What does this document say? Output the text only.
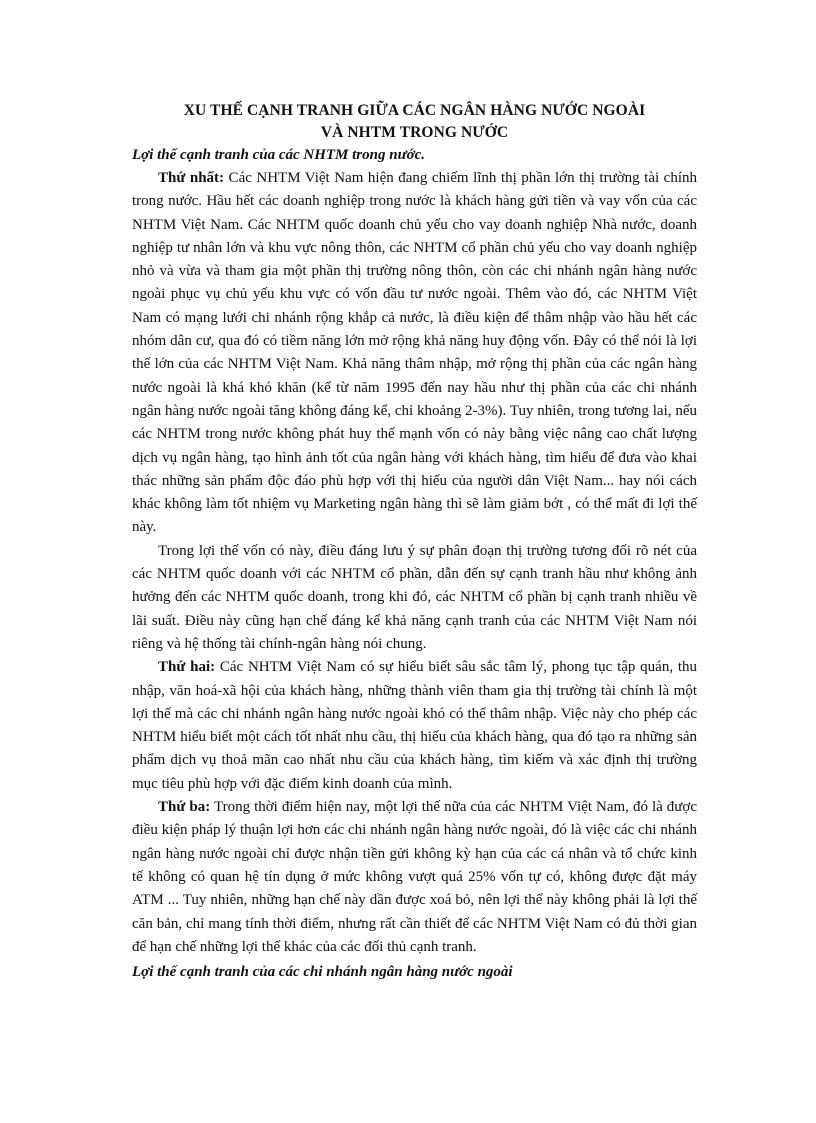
XU THẾ CẠNH TRANH GIỮA CÁC NGÂN HÀNG NƯỚC NGOÀI
VÀ NHTM TRONG NƯỚC

Lợi thế cạnh tranh của các NHTM trong nước.

Thứ nhất: Các NHTM Việt Nam hiện đang chiếm lĩnh thị phần lớn thị trường tài chính trong nước. Hầu hết các doanh nghiệp trong nước là khách hàng gửi tiền và vay vốn của các NHTM Việt Nam. Các NHTM quốc doanh chủ yếu cho vay doanh nghiệp Nhà nước, doanh nghiệp tư nhân lớn và khu vực nông thôn, các NHTM cổ phần chủ yếu cho vay doanh nghiệp nhỏ và vừa và tham gia một phần thị trường nông thôn, còn các chi nhánh ngân hàng nước ngoài phục vụ chủ yếu khu vực có vốn đầu tư nước ngoài. Thêm vào đó, các NHTM Việt Nam có mạng lưới chi nhánh rộng khắp cả nước, là điều kiện để thâm nhập vào hầu hết các nhóm dân cư, qua đó có tiềm năng lớn mở rộng khả năng huy động vốn. Đây có thể nói là lợi thế lớn của các NHTM Việt Nam. Khả năng thâm nhập, mở rộng thị phần của các ngân hàng nước ngoài là khá khó khăn (kể từ năm 1995 đến nay hầu như thị phần của các chi nhánh ngân hàng nước ngoài tăng không đáng kể, chỉ khoảng 2-3%). Tuy nhiên, trong tương lai, nếu các NHTM trong nước không phát huy thế mạnh vốn có này bằng việc nâng cao chất lượng dịch vụ ngân hàng, tạo hình ảnh tốt của ngân hàng với khách hàng, tìm hiểu để đưa vào khai thác những sản phẩm độc đáo phù hợp với thị hiếu của người dân Việt Nam... hay nói cách khác không làm tốt nhiệm vụ Marketing ngân hàng thì sẽ làm giảm bớt , có thể mất đi lợi thế này.

Trong lợi thế vốn có này, điều đáng lưu ý sự phân đoạn thị trường tương đối rõ nét của các NHTM quốc doanh với các NHTM cổ phần, dẫn đến sự cạnh tranh hầu như không ảnh hưởng đến các NHTM quốc doanh, trong khi đó, các NHTM cổ phần bị cạnh tranh nhiều về lãi suất. Điều này cũng hạn chế đáng kể khả năng cạnh tranh của các NHTM Việt Nam nói riêng và hệ thống tài chính-ngân hàng nói chung.

Thứ hai: Các NHTM Việt Nam có sự hiểu biết sâu sắc tâm lý, phong tục tập quán, thu nhập, văn hoá-xã hội của khách hàng, những thành viên tham gia thị trường tài chính là một lợi thế mà các chi nhánh ngân hàng nước ngoài khó có thể thâm nhập. Việc này cho phép các NHTM hiểu biết một cách tốt nhất nhu cầu, thị hiếu của khách hàng, qua đó tạo ra những sản phẩm dịch vụ thoả mãn cao nhất nhu cầu của khách hàng, tìm kiếm và xác định thị trường mục tiêu phù hợp với đặc điểm kinh doanh của mình.

Thứ ba: Trong thời điểm hiện nay, một lợi thế nữa của các NHTM Việt Nam, đó là được điều kiện pháp lý thuận lợi hơn các chi nhánh ngân hàng nước ngoài, đó là việc các chi nhánh ngân hàng nước ngoài chỉ được nhận tiền gửi không kỳ hạn của các cá nhân và tổ chức kinh tế không có quan hệ tín dụng ở mức không vượt quá 25% vốn tự có, không được đặt máy ATM ... Tuy nhiên, những hạn chế này dần được xoá bỏ, nên lợi thế này không phải là lợi thế căn bản, chỉ mang tính thời điểm, nhưng rất cần thiết để các NHTM Việt Nam có đủ thời gian để hạn chế những lợi thế khác của các đối thủ cạnh tranh.

Lợi thế cạnh tranh của các chi nhánh ngân hàng nước ngoài
